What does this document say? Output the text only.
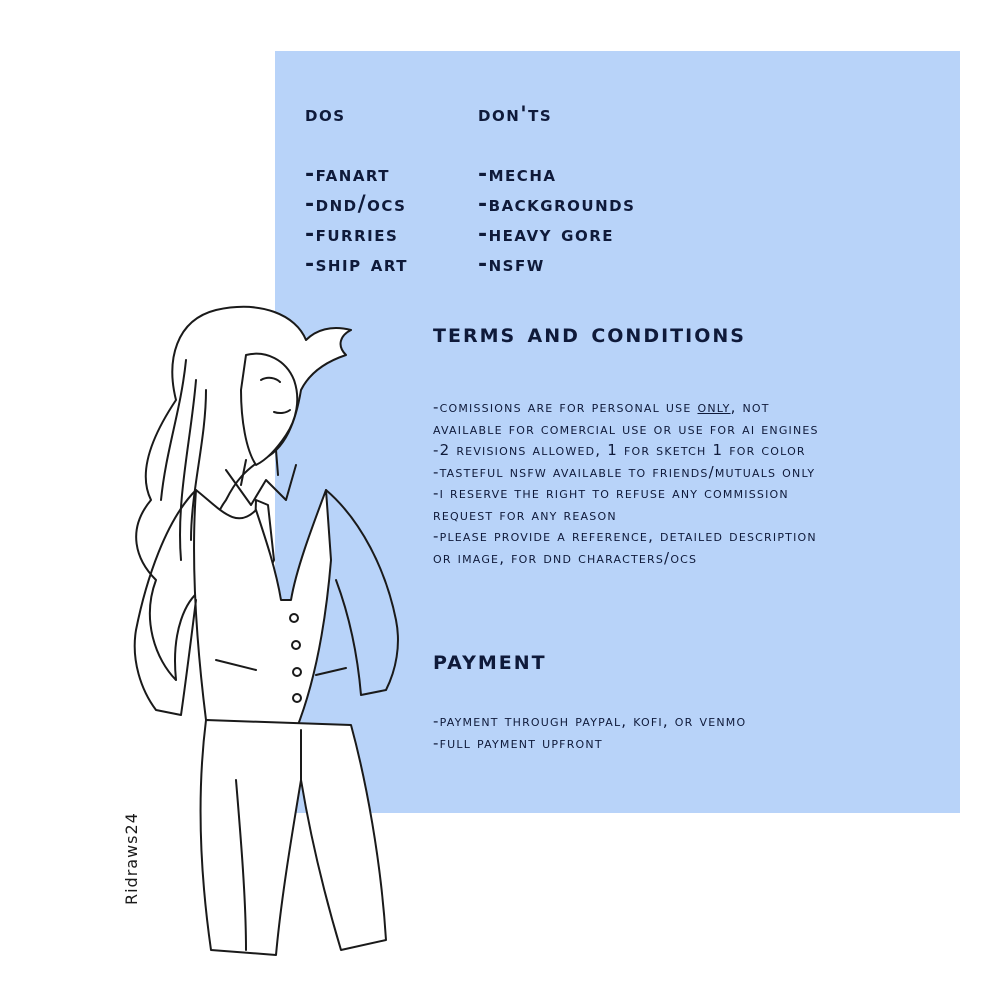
dos	don'ts
-fanart
-dnd/ocs
-furries
-ship art
-mecha
-backgrounds
-heavy gore
-nsfw
terms and conditions
-comissions are for personal use only, not
available for comercial use or use for ai engines
-2 revisions allowed, 1 for sketch 1 for color
-tasteful nsfw available to friends/mutuals only
-i reserve the right to refuse any commission
request for any reason
-please provide a reference, detailed description
or image, for dnd characters/ocs
payment
-payment through paypal, kofi, or venmo
-full payment upfront
Ridraws24
